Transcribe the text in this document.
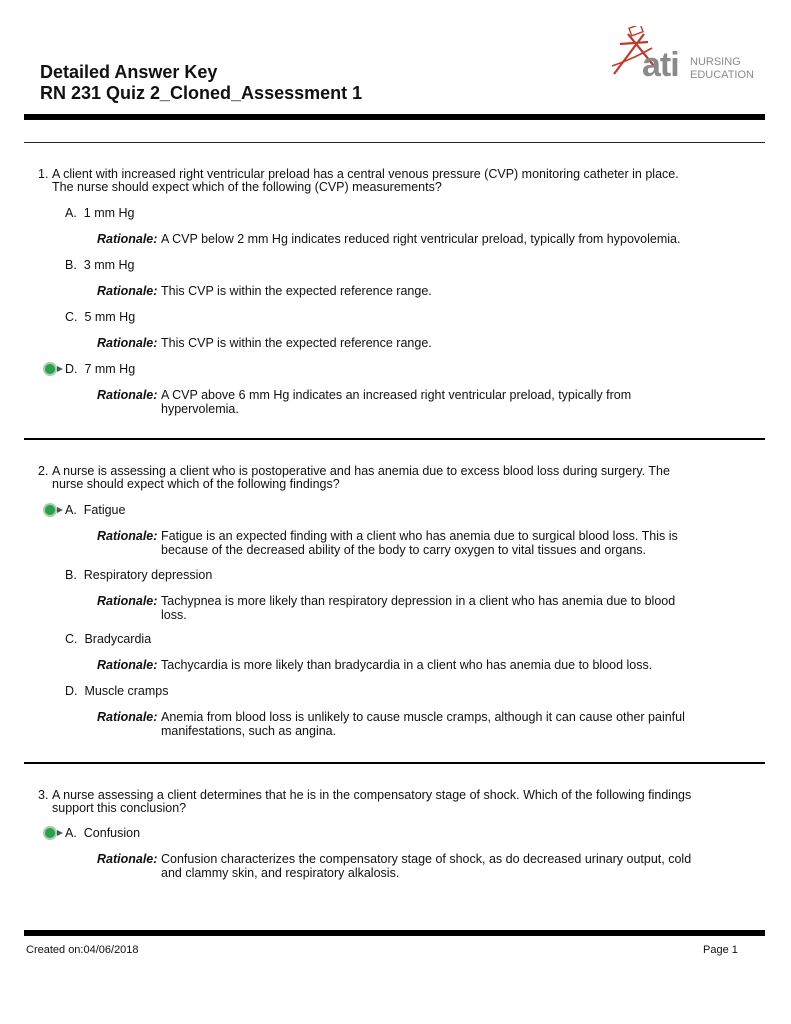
Detailed Answer Key
RN 231 Quiz 2_Cloned_Assessment 1
ati NURSING
EDUCATION
1. A client with increased right ventricular preload has a central venous pressure (CVP) monitoring catheter in place.
The nurse should expect which of the following (CVP) measurements?
A. 1 mm Hg
Rationale: A CVP below 2 mm Hg indicates reduced right ventricular preload, typically from hypovolemia.
B. 3 mm Hg
Rationale: This CVP is within the expected reference range.
C. 5 mm Hg
Rationale: This CVP is within the expected reference range.
D. 7 mm Hg
Rationale: A CVP above 6 mm Hg indicates an increased right ventricular preload, typically from
hypervolemia.
2. A nurse is assessing a client who is postoperative and has anemia due to excess blood loss during surgery. The
nurse should expect which of the following findings?
A. Fatigue
Rationale: Fatigue is an expected finding with a client who has anemia due to surgical blood loss. This is
because of the decreased ability of the body to carry oxygen to vital tissues and organs.
B. Respiratory depression
Rationale: Tachypnea is more likely than respiratory depression in a client who has anemia due to blood
loss.
C. Bradycardia
Rationale: Tachycardia is more likely than bradycardia in a client who has anemia due to blood loss.
D. Muscle cramps
Rationale: Anemia from blood loss is unlikely to cause muscle cramps, although it can cause other painful
manifestations, such as angina.
3. A nurse assessing a client determines that he is in the compensatory stage of shock. Which of the following findings
support this conclusion?
A. Confusion
Rationale: Confusion characterizes the compensatory stage of shock, as do decreased urinary output, cold
and clammy skin, and respiratory alkalosis.
Created on:04/06/2018	Page 1
